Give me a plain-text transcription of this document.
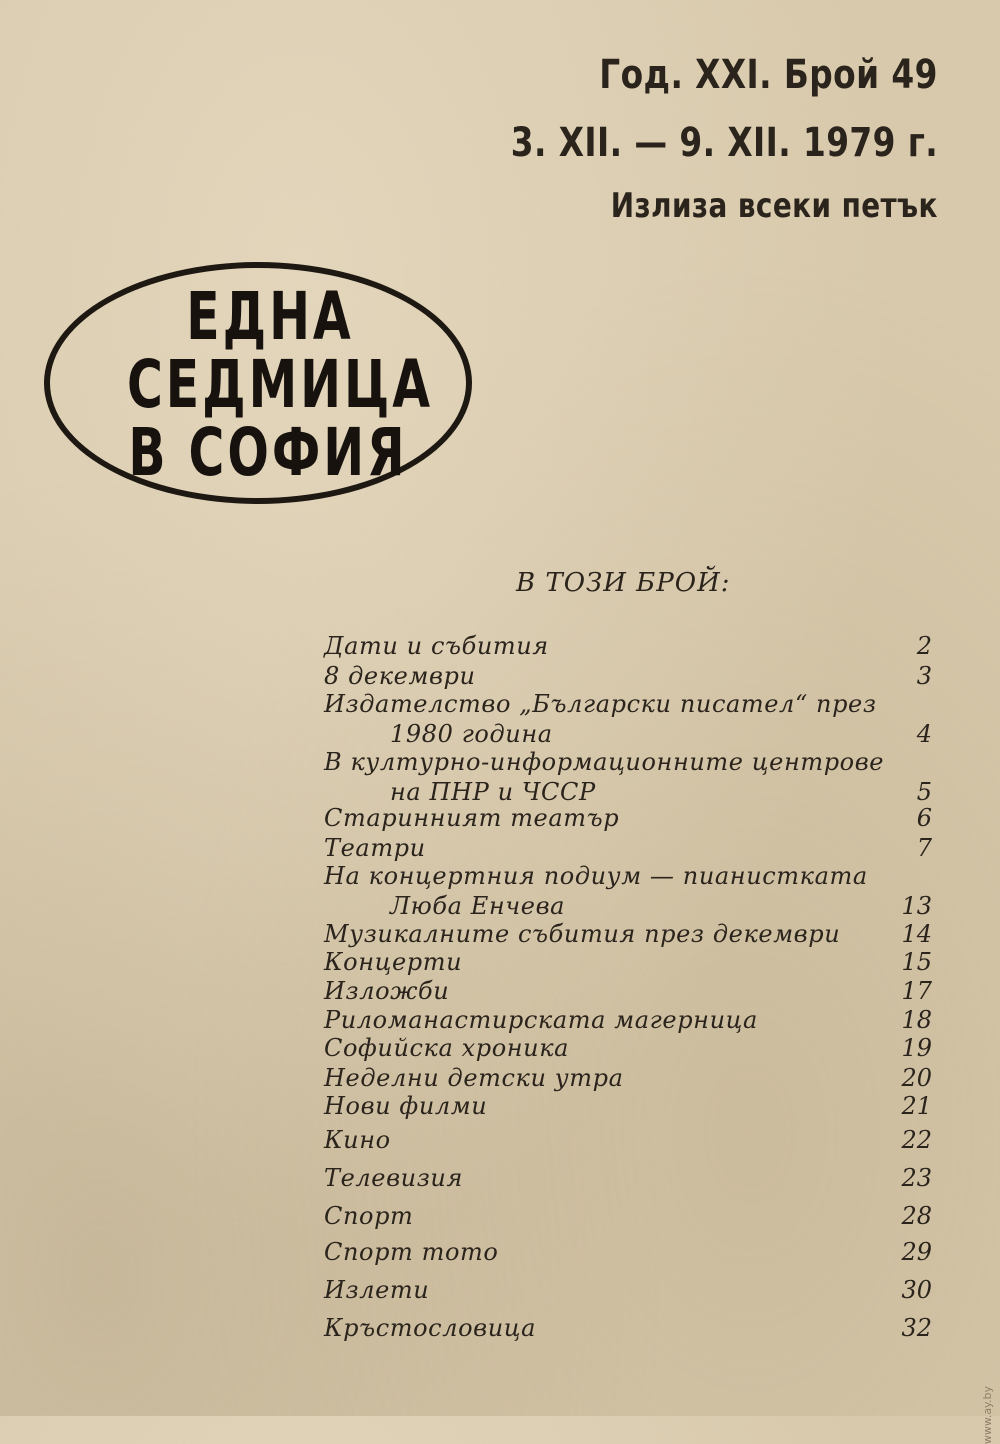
Год. XXI. Брой 49

3. XII. — 9. XII. 1979 г.

Излиза всеки петък

ЕДНА
СЕДМИЦА
В СОФИЯ
В ТОЗИ БРОЙ:
Дати и събития	2
8 декември	3
Издателство „Български писател“ през
1980 година	4
В културно-информационните центрове
на ПНР и ЧССР	5
Старинният театър	6
Театри	7
На концертния подиум — пианистката
Люба Енчева	13
Музикалните събития през декември	14
Концерти	15
Изложби	17
Риломанастирската магерница	18
Софийска хроника	19
Неделни детски утра	20
Нови филми	21
Кино	22
Телевизия	23
Спорт	28
Спорт тото	29
Излети	30
Кръстословица	32
www.ay.by
